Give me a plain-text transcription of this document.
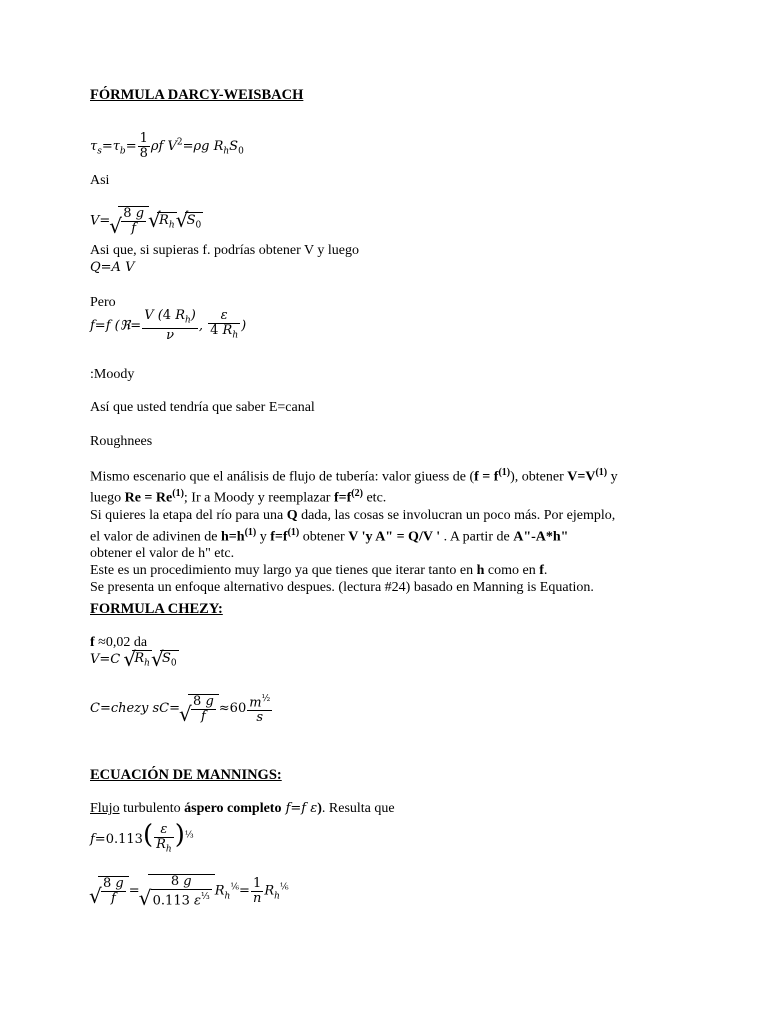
FÓRMULA DARCY-WEISBACH
$\tau_s=\tau_b= \frac{1}{8}$ ρf $V^2=\rho g$ $R_hS_0$
Asi
V=
√ $\frac{8 g}{f}$
√ $R_h√$ $S_0$
Asi que, si supieras f. podrías obtener V y luego
Q=A V
Pero
f=f (ℜ= $\frac{V (4 R_h)}{\nu}$ , $\frac{\varepsilon}{4 R_h}$ )
:Moody
Así que usted tendría que saber E=canal
Roughnees

Mismo escenario que el análisis de flujo de tubería: valor giuess de $(f = f^{(1)})$, obtener $V=V^{(1)}$ y

luego $Re = Re^{(1)}$; Ir a Moody y reemplazar $f=f^{(2)}$ etc.

Si quieres la etapa del río para una Q dada, las cosas se involucran un poco más. Por ejemplo,

el valor de adivinen de $h=h^{(1)}$ y $f=f^{(1)}$ obtener V 'y A" = Q/V ' . A partir de A"-A*h"

obtener el valor de h" etc.

Este es un procedimiento muy largo ya que tienes que iterar tanto en h como en f.

Se presenta un enfoque alternativo despues. (lectura #24) basado en Manning is Equation.

FORMULA CHEZY:
f ≈0,02 da
V=C √ $R_h√$ $S_0$
C=chezy sC=
√ $\frac{8 g}{f} \approx 60 \frac{m^{\frac{1}{2}}}{s}$
ECUACIÓN DE MANNINGS:
Flujo turbulento áspero completo f=f ε). Resulta que
$f=0.113( \frac{\varepsilon}{R_h} )^{\frac{1}{3}}$
√ $\frac{8 g}{f}$ =
√ $\frac{8 g}{0.113 \varepsilon^{\frac{1}{3}}} R_h^{\frac{1}{6}}= \frac{1}{n} R_h^{\frac{1}{6}}$
